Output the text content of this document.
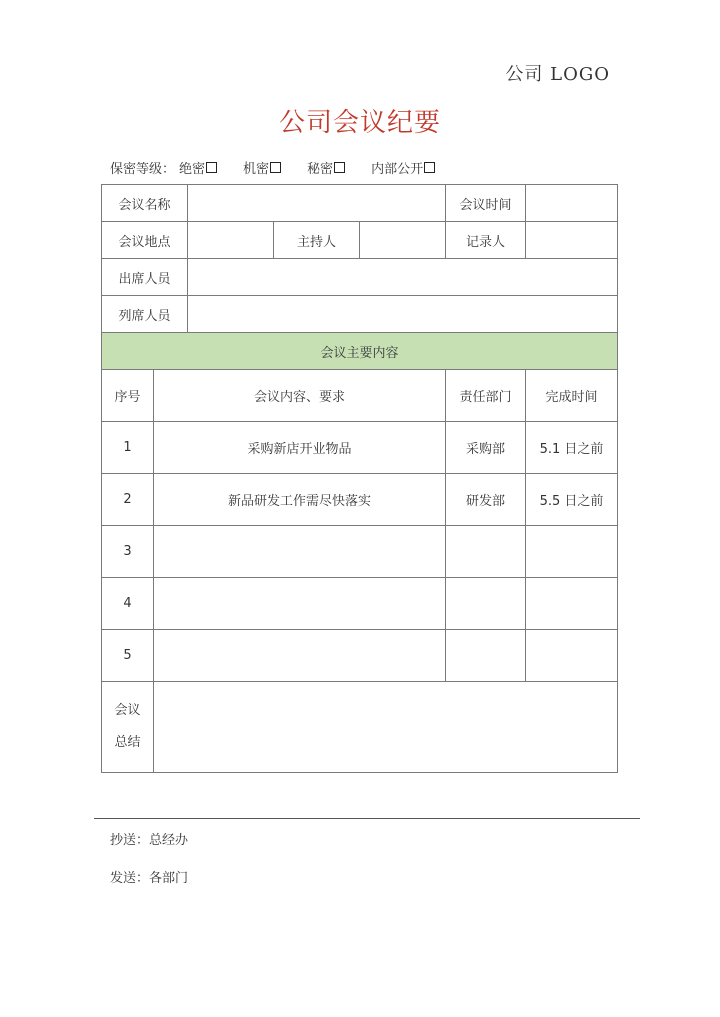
公司 LOGO
公司会议纪要
保密等级： 绝密	机密	秘密	内部公开
会议名称					会议时间	
会议地点			主持人		记录人	
出席人员						
列席人员						
会议主要内容						
序号	会议内容、要求				责任部门	完成时间
1	采购新店开业物品				采购部	5.1 日之前
2	新品研发工作需尽快落实				研发部	5.5 日之前
3						
4						
5						

会议
总结						

抄送：总经办
发送：各部门
